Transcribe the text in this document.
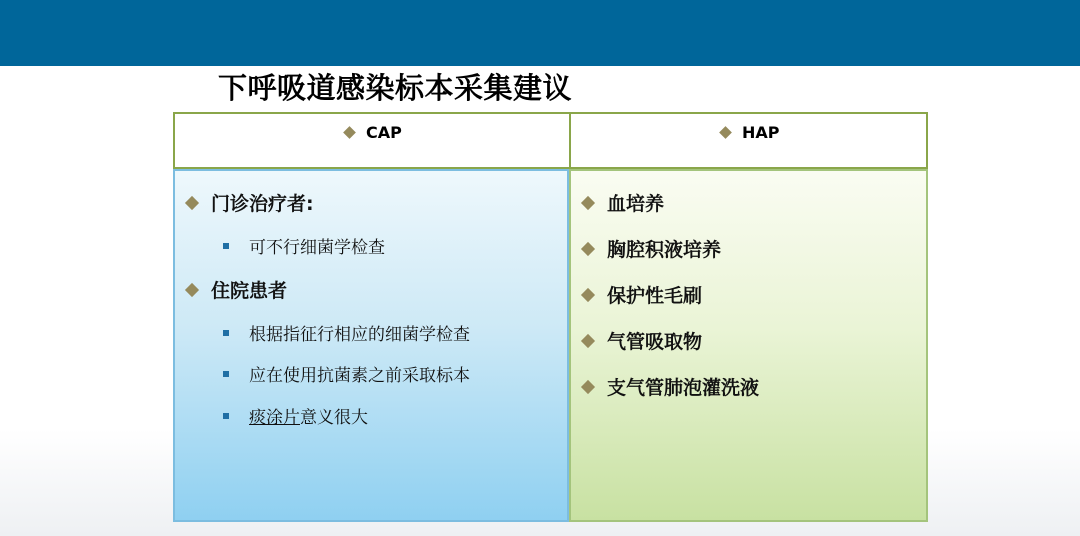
下呼吸道感染标本采集建议
CAP	HAP
门诊治疗者:
可不行细菌学检查
住院患者
根据指征行相应的细菌学检查
应在使用抗菌素之前采取标本
痰涂片 意义很大
血培养
胸腔积液培养
保护性毛刷
气管吸取物
支气管肺泡灌洗液
